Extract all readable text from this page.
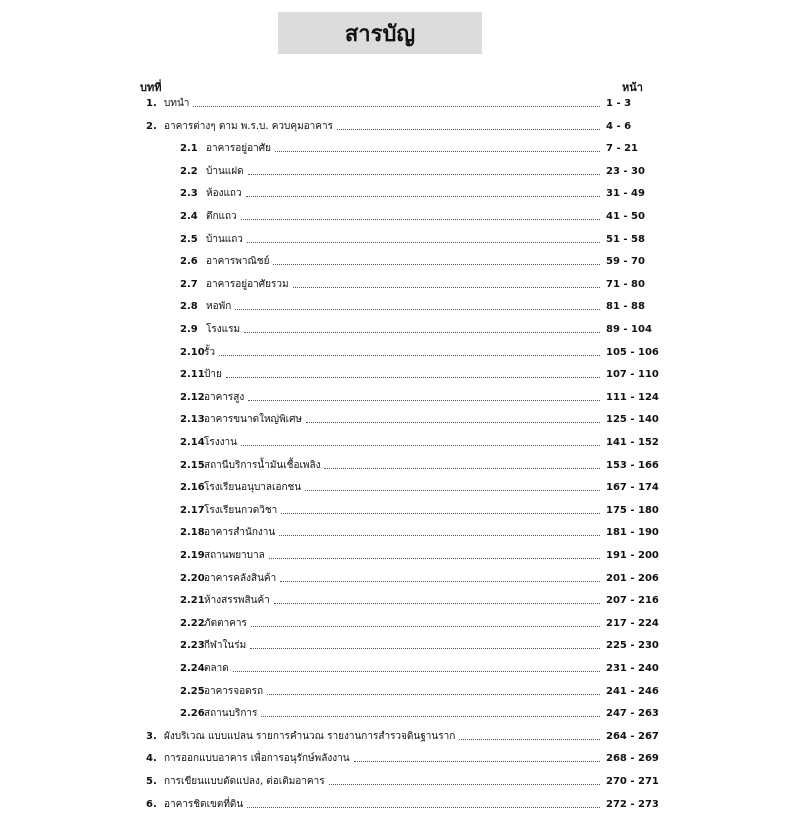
สารบัญ
บทที่	หน้า
1. บทนำ	1 - 3
2. อาคารต่างๆ ตาม พ.ร.บ. ควบคุมอาคาร	4 - 6
2.1 อาคารอยู่อาศัย	7 - 21
2.2 บ้านแฝด	23 - 30
2.3 ห้องแถว	31 - 49
2.4 ตึกแถว	41 - 50
2.5 บ้านแถว	51 - 58
2.6 อาคารพาณิชย์	59 - 70
2.7 อาคารอยู่อาศัยรวม	71 - 80
2.8 หอพัก	81 - 88
2.9 โรงแรม	89 - 104
2.10 รั้ว	105 - 106
2.11 ป้าย	107 - 110
2.12 อาคารสูง	111 - 124
2.13 อาคารขนาดใหญ่พิเศษ	125 - 140
2.14 โรงงาน	141 - 152
2.15 สถานีบริการน้ำมันเชื้อเพลิง	153 - 166
2.16 โรงเรียนอนุบาลเอกชน	167 - 174
2.17 โรงเรียนกวดวิชา	175 - 180
2.18 อาคารสำนักงาน	181 - 190
2.19 สถานพยาบาล	191 - 200
2.20 อาคารคลังสินค้า	201 - 206
2.21 ห้างสรรพสินค้า	207 - 216
2.22 ภัตตาคาร	217 - 224
2.23 กีฬาในร่ม	225 - 230
2.24 ตลาด	231 - 240
2.25 อาคารจอดรถ	241 - 246
2.26 สถานบริการ	247 - 263
3. ผังบริเวณ แบบแปลน รายการคำนวณ รายงานการสำรวจดินฐานราก	264 - 267
4. การออกแบบอาคาร เพื่อการอนุรักษ์พลังงาน	268 - 269
5. การเขียนแบบดัดแปลง, ต่อเติมอาคาร	270 - 271
6. อาคารชิดเขตที่ดิน	272 - 273
